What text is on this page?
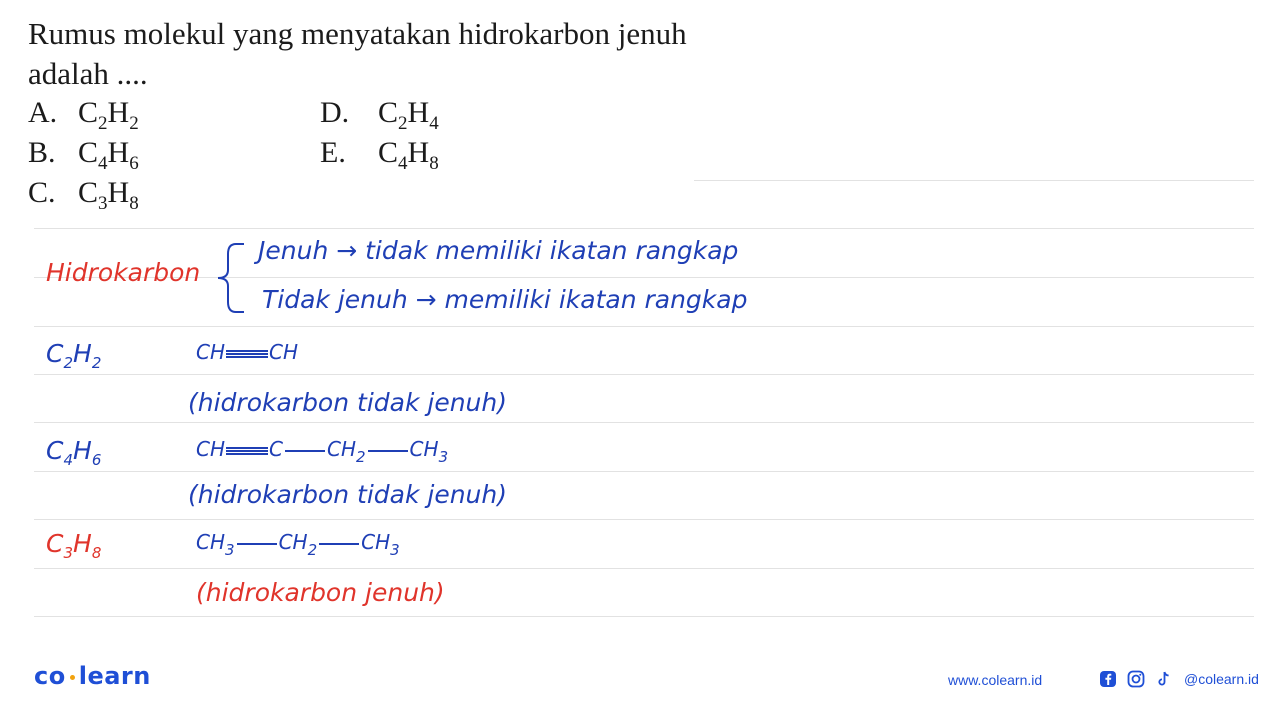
Rumus molekul yang menyatakan hidrokarbon jenuh adalah ....
A. $C_2H_2$
B. $C_4H_6$
C. $C_3H_8$
D. $C_2H_4$
E. $C_4H_8$
Hidrokarbon
Jenuh → tidak memiliki ikatan rangkap
Tidak jenuh → memiliki ikatan rangkap
$C_2H_2$	CH CH
(hidrokarbon tidak jenuh)
$C_4H_6$	CH C $CH_2$ $CH_3$
(hidrokarbon tidak jenuh)
$C_3H_8$	$CH_3$ $CH_2$ $CH_3$
(hidrokarbon jenuh)
co learn	www.colearn.id	@colearn.id
